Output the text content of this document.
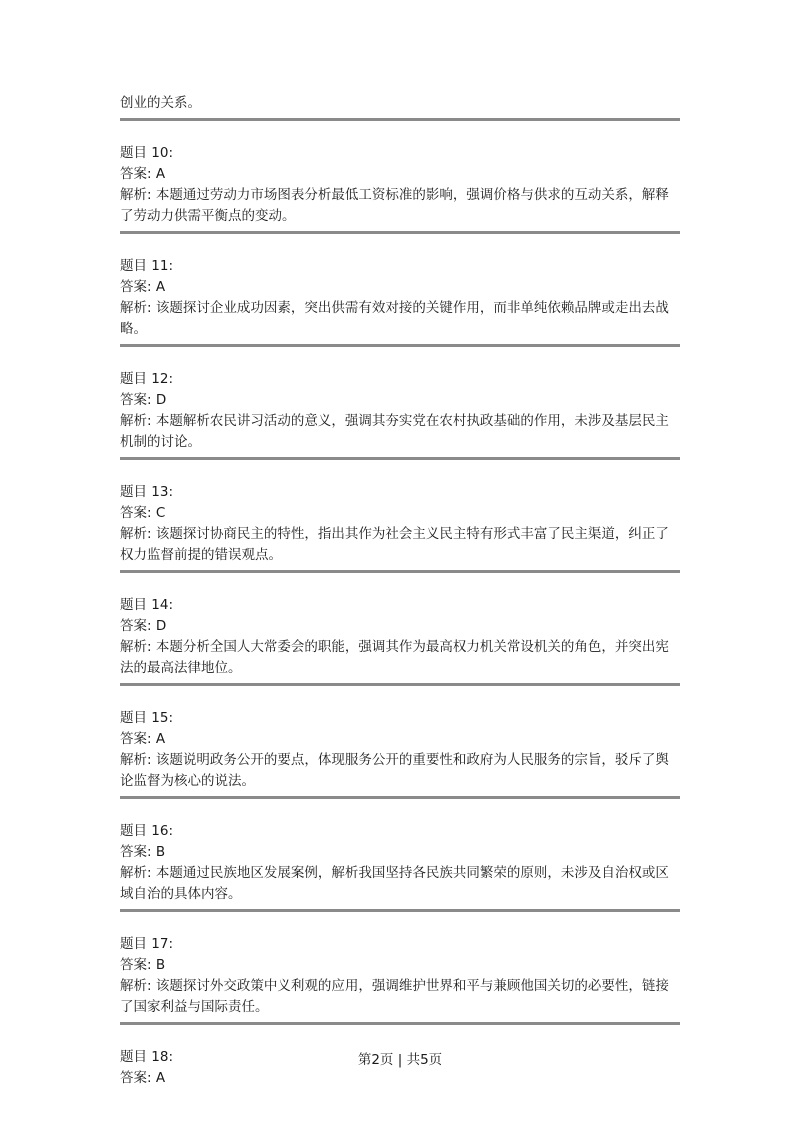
创业的关系。
题目 10:
答案: A
解析: 本题通过劳动力市场图表分析最低工资标准的影响，强调价格与供求的互动关系，解释了劳动力供需平衡点的变动。
题目 11:
答案: A
解析: 该题探讨企业成功因素，突出供需有效对接的关键作用，而非单纯依赖品牌或走出去战略。
题目 12:
答案: D
解析: 本题解析农民讲习活动的意义，强调其夯实党在农村执政基础的作用，未涉及基层民主机制的讨论。
题目 13:
答案: C
解析: 该题探讨协商民主的特性，指出其作为社会主义民主特有形式丰富了民主渠道，纠正了权力监督前提的错误观点。
题目 14:
答案: D
解析: 本题分析全国人大常委会的职能，强调其作为最高权力机关常设机关的角色，并突出宪法的最高法律地位。
题目 15:
答案: A
解析: 该题说明政务公开的要点，体现服务公开的重要性和政府为人民服务的宗旨，驳斥了舆论监督为核心的说法。
题目 16:
答案: B
解析: 本题通过民族地区发展案例，解析我国坚持各民族共同繁荣的原则，未涉及自治权或区域自治的具体内容。
题目 17:
答案: B
解析: 该题探讨外交政策中义利观的应用，强调维护世界和平与兼顾他国关切的必要性，链接了国家利益与国际责任。
题目 18:
答案: A
第2页 | 共5页
